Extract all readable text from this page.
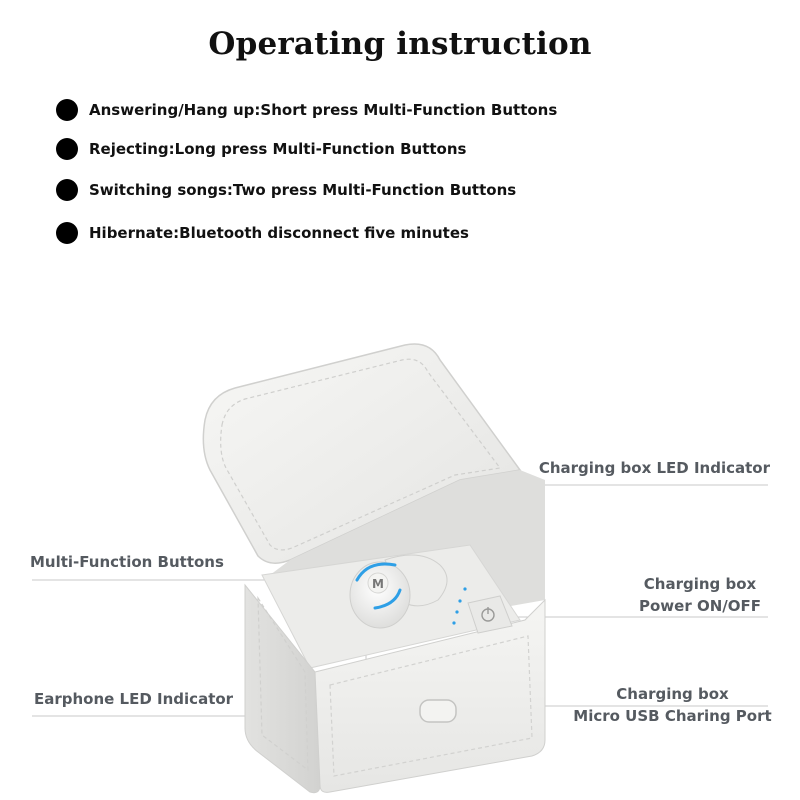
Operating instruction
Answering/Hang up:Short press Multi-Function Buttons
Rejecting:Long press Multi-Function Buttons
Switching songs:Two press Multi-Function Buttons
Hibernate:Bluetooth disconnect five minutes
M
Charging box LED Indicator
Multi-Function Buttons
Charging box
Power ON/OFF
Earphone LED Indicator	Charging box
Micro USB Charing Port
